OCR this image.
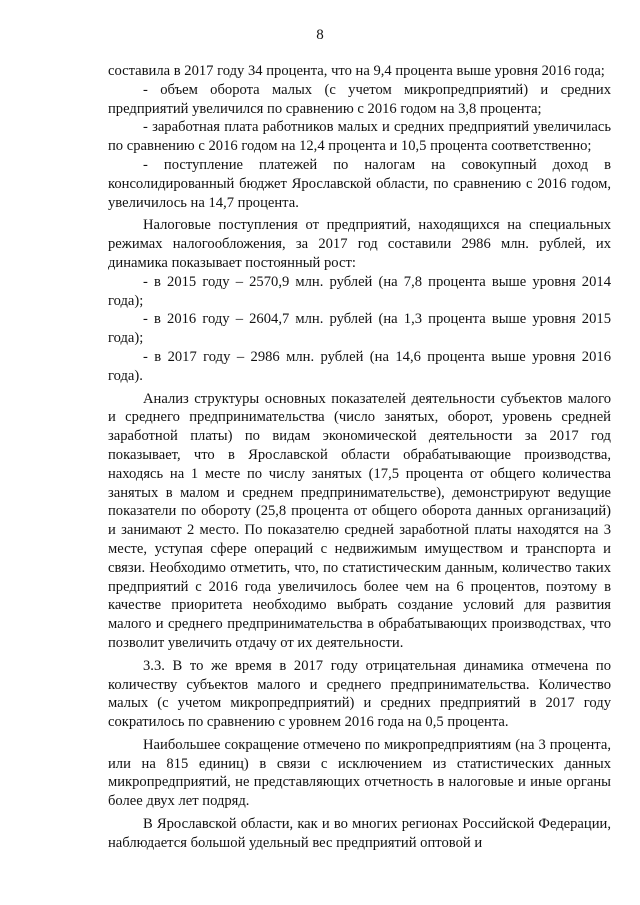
8

составила в 2017 году 34 процента, что на 9,4 процента выше уровня 2016 года;

- объем оборота малых (с учетом микропредприятий) и средних предприятий увеличился по сравнению с 2016 годом на 3,8 процента;

- заработная плата работников малых и средних предприятий увеличилась по сравнению с 2016 годом на 12,4 процента и 10,5 процента соответственно;

- поступление платежей по налогам на совокупный доход в консолидированный бюджет Ярославской области, по сравнению с 2016 годом, увеличилось на 14,7 процента.

Налоговые поступления от предприятий, находящихся на специальных режимах налогообложения, за 2017 год составили 2986 млн. рублей, их динамика показывает постоянный рост:

- в 2015 году – 2570,9 млн. рублей (на 7,8 процента выше уровня 2014 года);

- в 2016 году – 2604,7 млн. рублей (на 1,3 процента выше уровня 2015 года);

- в 2017 году – 2986 млн. рублей (на 14,6 процента выше уровня 2016 года).

Анализ структуры основных показателей деятельности субъектов малого и среднего предпринимательства (число занятых, оборот, уровень средней заработной платы) по видам экономической деятельности за 2017 год показывает, что в Ярославской области обрабатывающие производства, находясь на 1 месте по числу занятых (17,5 процента от общего количества занятых в малом и среднем предпринимательстве), демонстрируют ведущие показатели по обороту (25,8 процента от общего оборота данных организаций) и занимают 2 место. По показателю средней заработной платы находятся на 3 месте, уступая сфере операций с недвижимым имуществом и транспорта и связи. Необходимо отметить, что, по статистическим данным, количество таких предприятий с 2016 года увеличилось более чем на 6 процентов, поэтому в качестве приоритета необходимо выбрать создание условий для развития малого и среднего предпринимательства в обрабатывающих производствах, что позволит увеличить отдачу от их деятельности.

3.3. В то же время в 2017 году отрицательная динамика отмечена по количеству субъектов малого и среднего предпринимательства. Количество малых (с учетом микропредприятий) и средних предприятий в 2017 году сократилось по сравнению с уровнем 2016 года на 0,5 процента.

Наибольшее сокращение отмечено по микропредприятиям (на 3 процента, или на 815 единиц) в связи с исключением из статистических данных микропредприятий, не представляющих отчетность в налоговые и иные органы более двух лет подряд.

В Ярославской области, как и во многих регионах Российской Федерации, наблюдается большой удельный вес предприятий оптовой и
